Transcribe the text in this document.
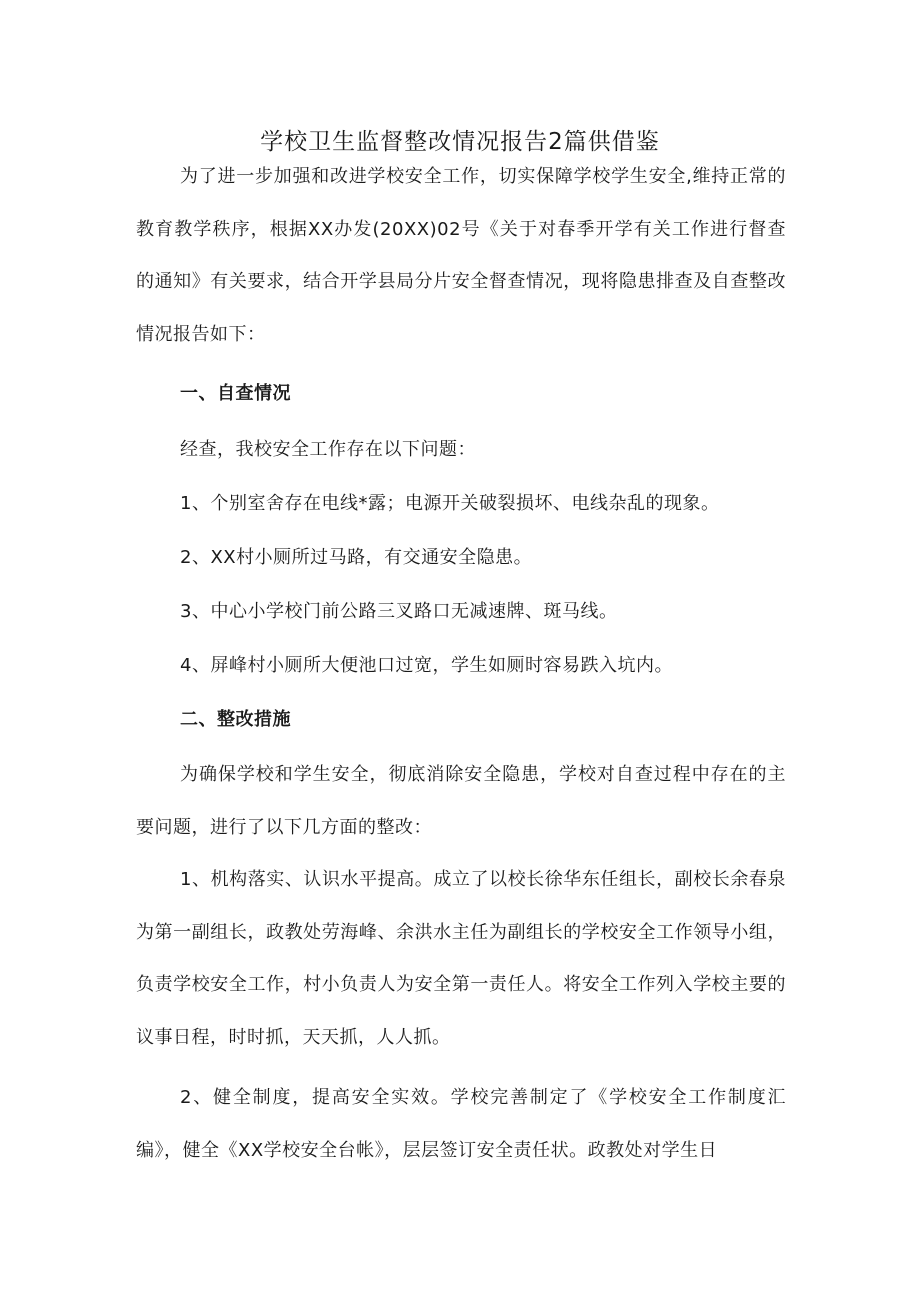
学校卫生监督整改情况报告2篇供借鉴

为了进一步加强和改进学校安全工作，切实保障学校学生安全,维持正常的教育教学秩序，根据XX办发(20XX)02号《关于对春季开学有关工作进行督查的通知》有关要求，结合开学县局分片安全督查情况，现将隐患排查及自查整改情况报告如下：

一、自查情况

经查，我校安全工作存在以下问题：

1、个别室舍存在电线*露；电源开关破裂损坏、电线杂乱的现象。

2、XX村小厕所过马路，有交通安全隐患。

3、中心小学校门前公路三叉路口无减速牌、斑马线。

4、屏峰村小厕所大便池口过宽，学生如厕时容易跌入坑内。

二、整改措施

为确保学校和学生安全，彻底消除安全隐患，学校对自查过程中存在的主要问题，进行了以下几方面的整改：

1、机构落实、认识水平提高。成立了以校长徐华东任组长，副校长余春泉为第一副组长，政教处劳海峰、余洪水主任为副组长的学校安全工作领导小组，负责学校安全工作，村小负责人为安全第一责任人。将安全工作列入学校主要的议事日程，时时抓，天天抓，人人抓。

2、健全制度，提高安全实效。学校完善制定了《学校安全工作制度汇编》，健全《XX学校安全台帐》，层层签订安全责任状。政教处对学生日
